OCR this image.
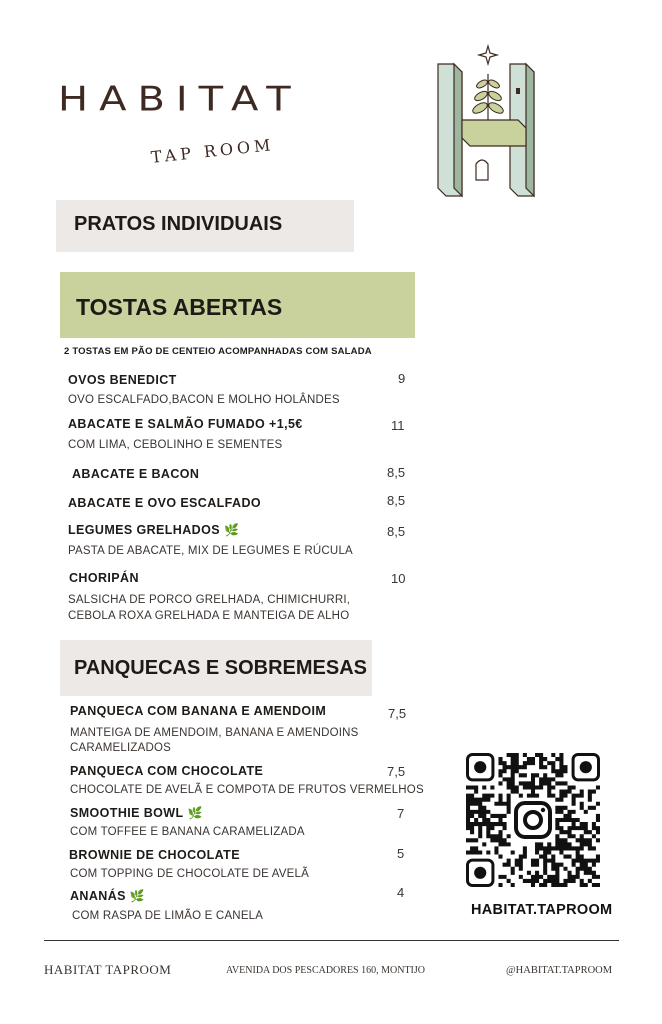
HABITAT
TAP ROOM
PRATOS INDIVIDUAIS
TOSTAS ABERTAS
2 TOSTAS EM PÃO DE CENTEIO ACOMPANHADAS COM SALADA
OVOS BENEDICT	9
OVO ESCALFADO,BACON E MOLHO HOLÂNDES
ABACATE E SALMÃO FUMADO +1,5€	11
COM LIMA, CEBOLINHO E SEMENTES
ABACATE E BACON	8,5
ABACATE E OVO ESCALFADO	8,5
LEGUMES GRELHADOS 🌿	8,5
PASTA DE ABACATE, MIX DE LEGUMES E RÚCULA
CHORIPÁN	10
SALSICHA DE PORCO GRELHADA, CHIMICHURRI,
CEBOLA ROXA GRELHADA E MANTEIGA DE ALHO
PANQUECAS E SOBREMESAS
PANQUECA COM BANANA E AMENDOIM	7,5
MANTEIGA DE AMENDOIM, BANANA E AMENDOINS
CARAMELIZADOS
PANQUECA COM CHOCOLATE	7,5
CHOCOLATE DE AVELÃ E COMPOTA DE FRUTOS VERMELHOS
SMOOTHIE BOWL 🌿	7
COM TOFFEE E BANANA CARAMELIZADA
BROWNIE DE CHOCOLATE	5
COM TOPPING DE CHOCOLATE DE AVELÃ
ANANÁS 🌿	4
COM RASPA DE LIMÃO E CANELA	HABITAT.TAPROOM
HABITAT TAPROOM	AVENIDA DOS PESCADORES 160, MONTIJO	@HABITAT.TAPROOM
